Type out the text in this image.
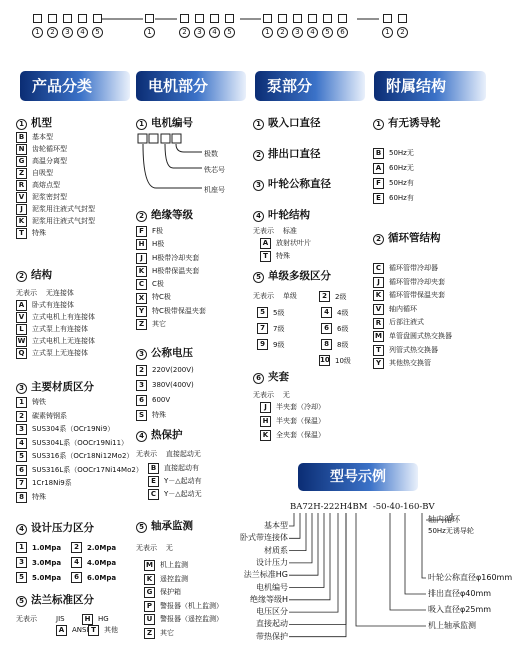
1	2	3	4	5	1	2	3	4	5	1	2	3	4	5	6	1	2
产品分类	电机部分	泵部分	附属结构
1 机型
B	基本型
N	齿轮循环型
G	高温分离型
Z	自吸型
R	高熔点型
V	泥浆密封型
J	泥浆用注液式气封型
K	泥浆用注液式气封型
T	特殊
2 结构
无表示 无连接体
A	卧式有连接体
V	立式电机上有连接体
L	立式泵上有连接体
W 立式电机上无连接体
Q	立式泵上无连接体
3 主要材质区分
1	铸铁
2	碳素铸钢系
3	SUS304系（OCr19Ni9）
4	SUS304L系（OOCr19Ni11）
5	SUS316系（OCr18Ni12Mo2）
6	SUS316L系（OOCr17Ni14Mo2）
7	1Cr18Ni9系
8	特殊
4 设计压力区分
1	1.0Mpa	2	2.0Mpa
3	3.0Mpa	4	4.0Mpa
5	5.0Mpa	6	6.0Mpa
5 法兰标准区分
无表示	JIS	H	HG
A	ANSI T	其他
1 电机编号
极数
铁芯号
机座号
2 绝缘等级
F	F极
H	H极
J	H极带冷却夹套
K	H极带保温夹套
C	C极
X	特C极
Y	特C极带保温夹套
Z	其它
3 公称电压
2	220V(200V)
3	380V(400V)
6	600V
S	特殊
4 热保护
无表示 直接起动无
B	直接起动有
E	Y－△起动有
C	Y－△起动无
5 轴承监测
无表示 无
M 机上监测
K	遥控监测
G	保护箱
P	警报器（机上监测）
U	警报器（遥控监测）
Z	其它
1 吸入口直径
2 排出口直径
3 叶轮公称直径
4 叶轮结构
无表示 标准
A	放射状叶片
T	特殊
5 单级多级区分
无表示 单级	2	2级
5	5级	4	4级
7	7级	6	6级
9	9级	8	8级
10 10级
6 夹套
无表示 无
J	半夹套（冷却）
H	半夹套（保温）
K	全夹套（保温）
1 有无诱导轮
B	50Hz无
A	60Hz无
F	50Hz有
E	60Hz有
2 循环管结构
C	循环管带冷却器
J	循环管带冷却夹套
K	循环管带保温夹套
V	轴内循环
R	后部注液式
M 单管盘圆式热交换器
T	列管式热交换器
Y	其他热交换管
型号示例
BA72H-222H4BM  -50-40-160-BV
基本型
卧式带连接体
材质系
设计压力
法兰标准HG
电机编号
绝缘等级H
电压区分
直接起动
带热保护
轴内循环
50Hz无诱导轮
叶轮公称直径φ160mm
排出直径φ40mm
吸入直径φ25mm
机上轴承监测
